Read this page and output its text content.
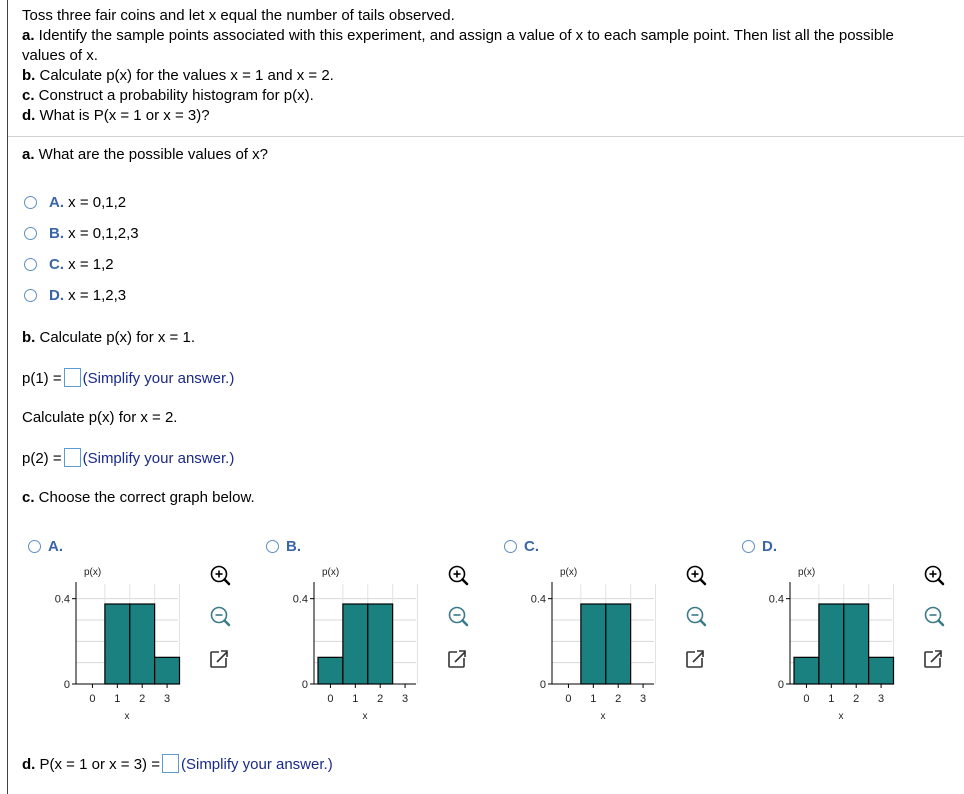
Toss three fair coins and let x equal the number of tails observed.
a. Identify the sample points associated with this experiment, and assign a value of x to each sample point. Then list all the possible
values of x.
b. Calculate p(x) for the values x = 1 and x = 2.
c. Construct a probability histogram for p(x).
d. What is P(x = 1 or x = 3)?
a. What are the possible values of x?
A. x = 0,1,2
B. x = 0,1,2,3
C. x = 1,2
D. x = 1,2,3
b. Calculate p(x) for x = 1.
p(1) = (Simplify your answer.)
Calculate p(x) for x = 2.
p(2) = (Simplify your answer.)
c. Choose the correct graph below.
A.	B.	C.	D.
0
0.4
0 1 2 3
p(x)
x
0
0.4
0 1 2 3
p(x)
x
0
0.4
0 1 2 3
p(x)
x
0
0.4
0 1 2 3
p(x)
x
d. P(x = 1 or x = 3) = (Simplify your answer.)
